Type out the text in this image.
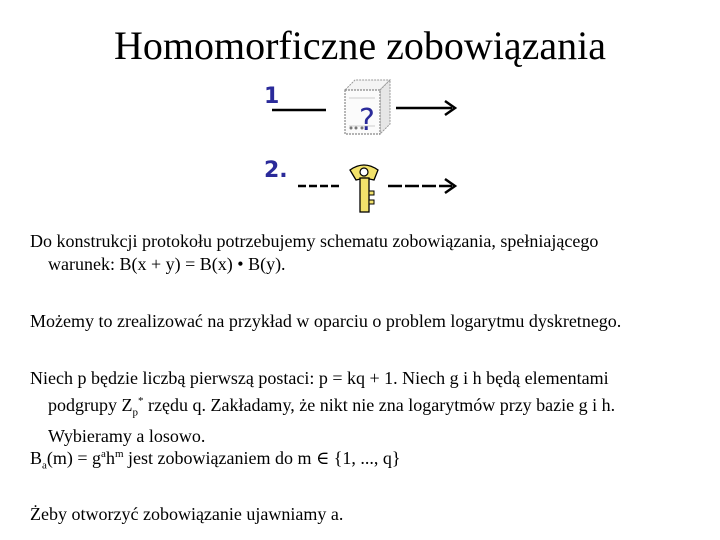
Homomorficzne zobowiązania
1
2.
?

Do konstrukcji protokołu potrzebujemy schematu zobowiązania, spełniającego
warunek: B(x + y) = B(x) • B(y).

Możemy to zrealizować na przykład w oparciu o problem logarytmu dyskretnego.

Niech p będzie liczbą pierwszą postaci: p = kq + 1. Niech g i h będą elementami
podgrupy $Z_p^*$ rzędu q. Zakładamy, że nikt nie zna logarytmów przy bazie g i h.
Wybieramy a losowo.

$B_a(m) = g^ah^m$ jest zobowiązaniem do m ∈ {1, ..., q}

Żeby otworzyć zobowiązanie ujawniamy a.
